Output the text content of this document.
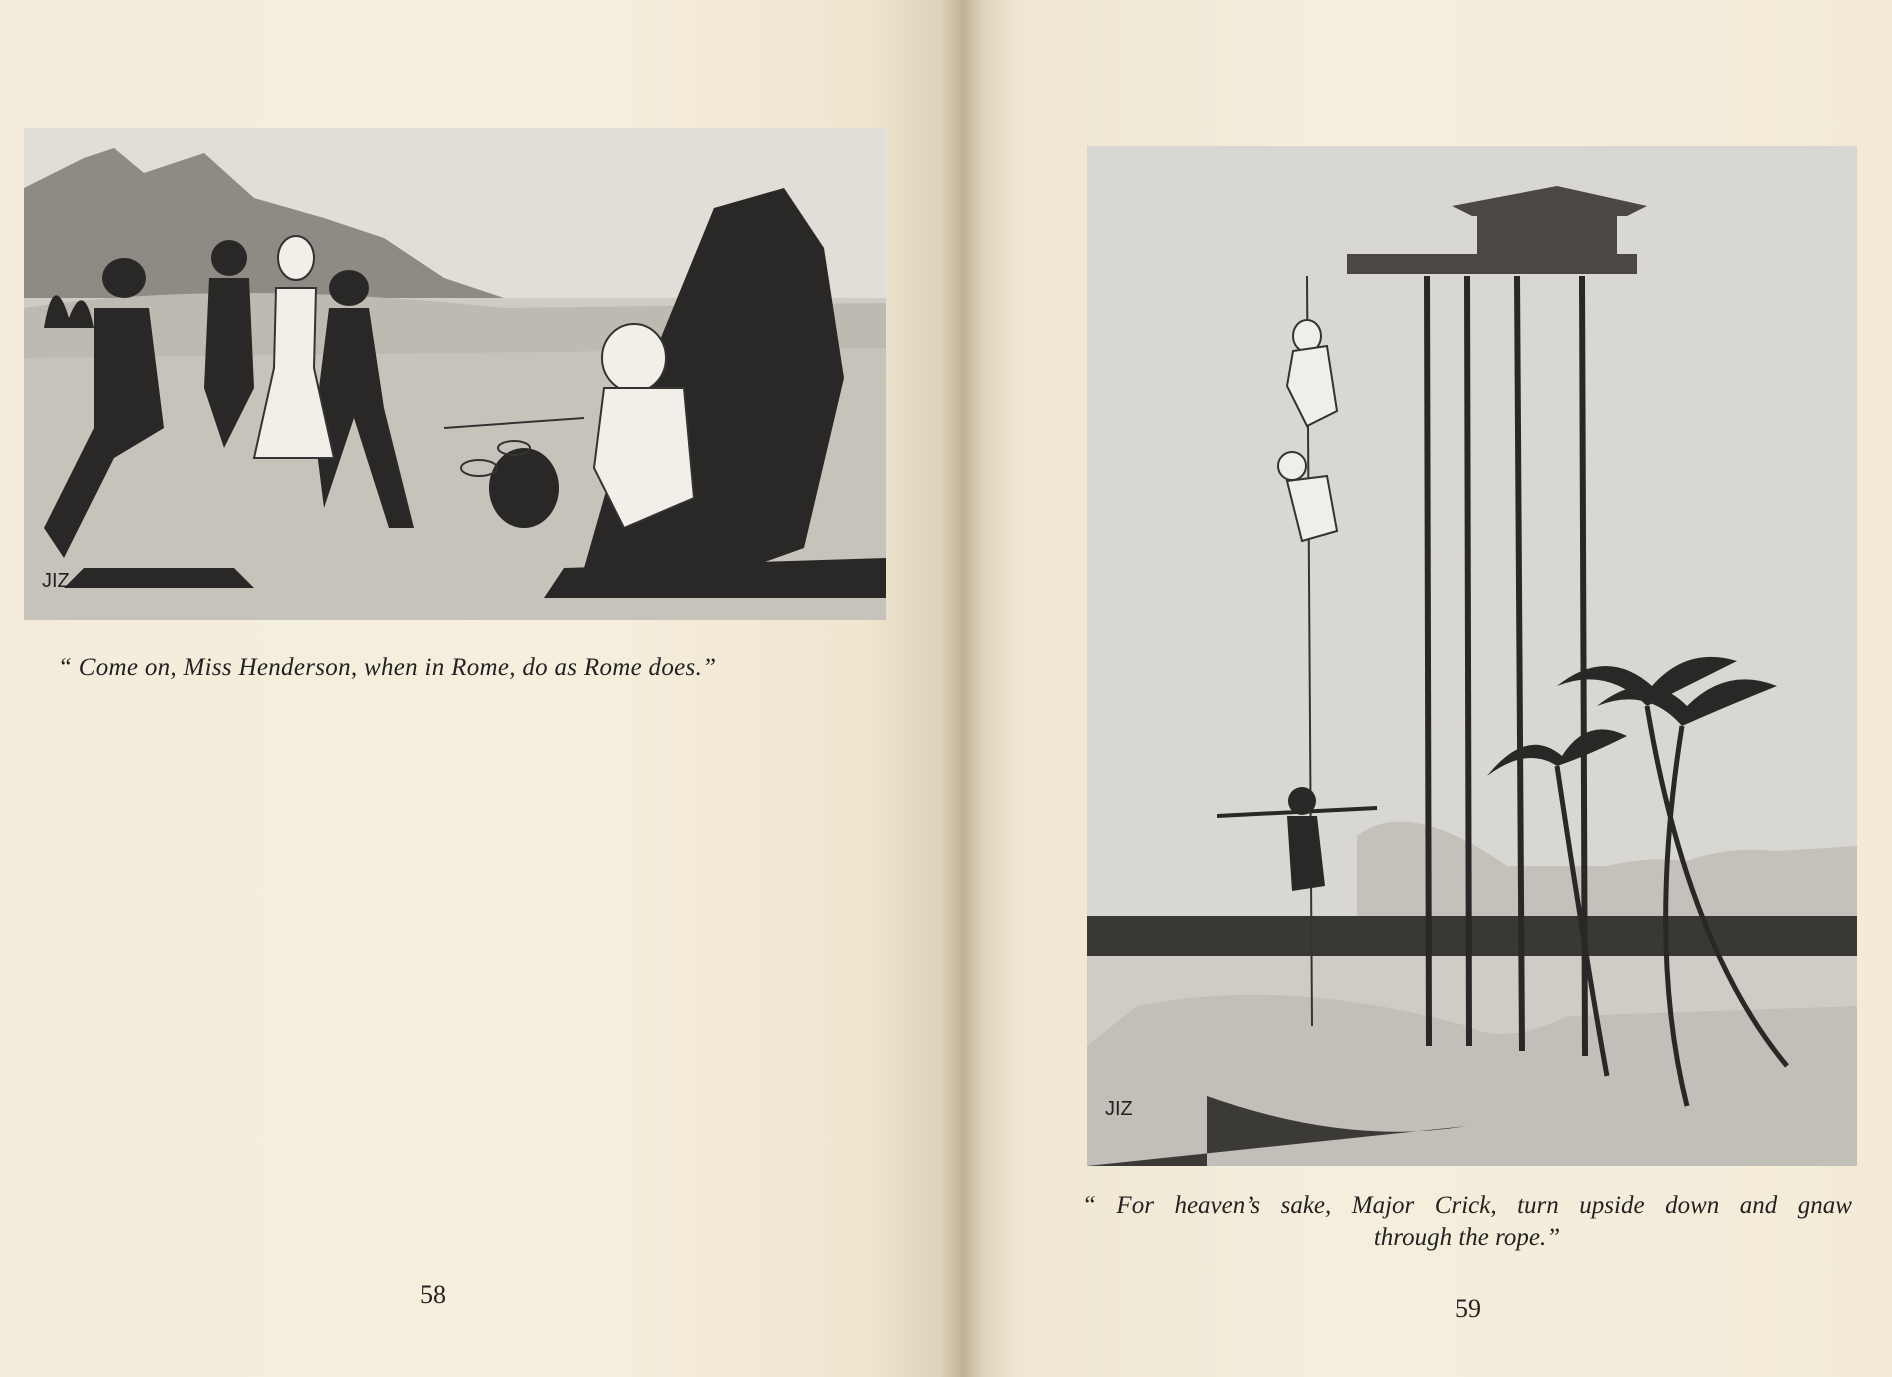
JIZ
“ Come on, Miss Henderson, when in Rome, do as Rome does.”
58
JIZ
“ For heaven’s sake, Major Crick, turn upside down and gnaw
through the rope.”
59
